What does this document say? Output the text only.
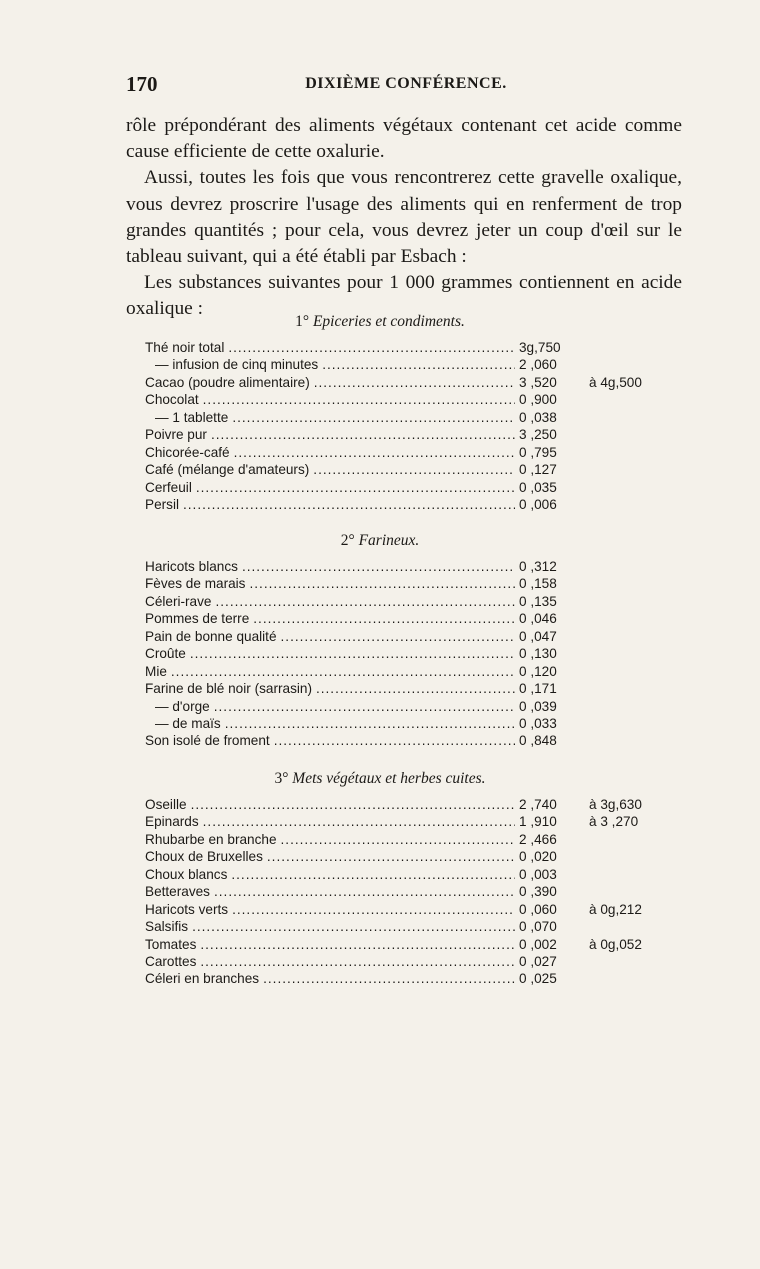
170	DIXIÈME CONFÉRENCE.

rôle prépondérant des aliments végétaux contenant cet acide comme cause efficiente de cette oxalurie.

Aussi, toutes les fois que vous rencontrerez cette gravelle oxalique, vous devrez proscrire l'usage des aliments qui en renferment de trop grandes quantités ; pour cela, vous devrez jeter un coup d'œil sur le tableau suivant, qui a été établi par Esbach :

Les substances suivantes pour 1 000 grammes contiennent en acide oxalique :

1° Epiceries et condiments.
Thé noir total .....	3g,750
— infusion de cinq minutes .....	2 ,060
Cacao (poudre alimentaire) .....	3 ,520 à 4g,500
Chocolat .....	0 ,900
— 1 tablette .....	0 ,038
Poivre pur .....	3 ,250
Chicorée-café .....	0 ,795
Café (mélange d'amateurs) .....	0 ,127
Cerfeuil .....	0 ,035
Persil .....	0 ,006
2° Farineux.
Haricots blancs .....	0 ,312
Fèves de marais .....	0 ,158
Céleri-rave .....	0 ,135
Pommes de terre .....	0 ,046
Pain de bonne qualité .....	0 ,047
Croûte .....	0 ,130
Mie .....	0 ,120
Farine de blé noir (sarrasin) .....	0 ,171
— d'orge .....	0 ,039
— de maïs .....	0 ,033
Son isolé de froment .....	0 ,848
3° Mets végétaux et herbes cuites.
Oseille .....	2 ,740 à 3g,630
Epinards .....	1 ,910 à 3 ,270
Rhubarbe en branche .....	2 ,466
Choux de Bruxelles .....	0 ,020
Choux blancs .....	0 ,003
Betteraves .....	0 ,390
Haricots verts .....	0 ,060 à 0g,212
Salsifis .....	0 ,070
Tomates .....	0 ,002 à 0g,052
Carottes .....	0 ,027
Céleri en branches .....	0 ,025
